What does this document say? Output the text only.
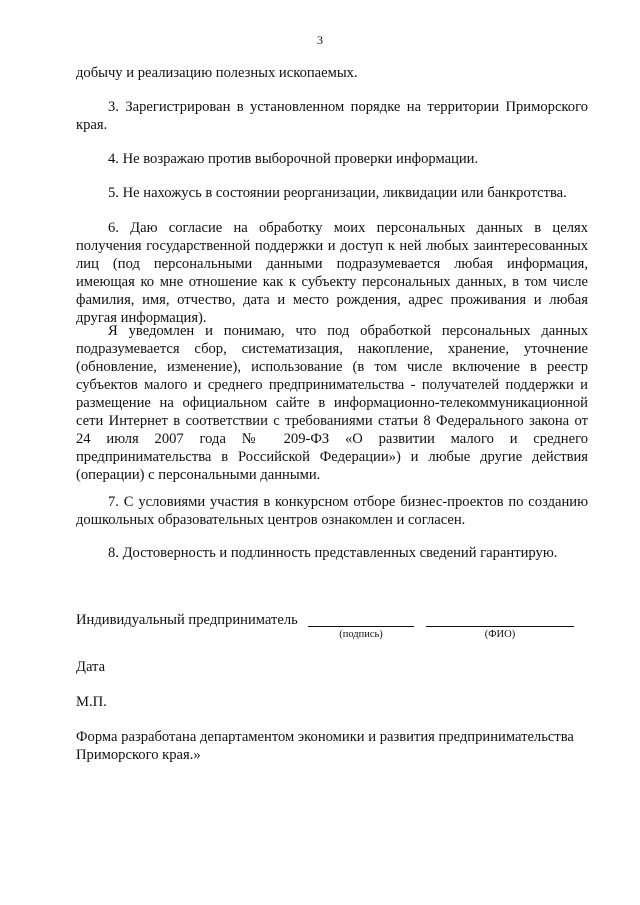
3
добычу и реализацию полезных ископаемых.
3. Зарегистрирован в установленном порядке на территории Приморского края.
4. Не возражаю против выборочной проверки информации.
5. Не нахожусь в состоянии реорганизации, ликвидации или банкротства.
6. Даю согласие на обработку моих персональных данных в целях получения государственной поддержки и доступ к ней любых заинтересованных лиц (под персональными данными подразумевается любая информация, имеющая ко мне отношение как к субъекту персональных данных, в том числе фамилия, имя, отчество, дата и место рождения, адрес проживания и любая другая информация).
Я уведомлен и понимаю, что под обработкой персональных данных подразумевается сбор, систематизация, накопление, хранение, уточнение (обновление, изменение), использование (в том числе включение в реестр субъектов малого и среднего предпринимательства - получателей поддержки и размещение на официальном сайте в информационно-телекоммуникационной сети Интернет в соответствии с требованиями статьи 8 Федерального закона от 24 июля 2007 года № 209-ФЗ «О развитии малого и среднего предпринимательства в Российской Федерации») и любые другие действия (операции) с персональными данными.
7. С условиями участия в конкурсном отборе бизнес-проектов по созданию дошкольных образовательных центров ознакомлен и согласен.
8. Достоверность и подлинность представленных сведений гарантирую.
Индивидуальный предприниматель
(подпись)	(ФИО)
Дата
М.П.
Форма разработана департаментом экономики и развития предпринимательства Приморского края.»
